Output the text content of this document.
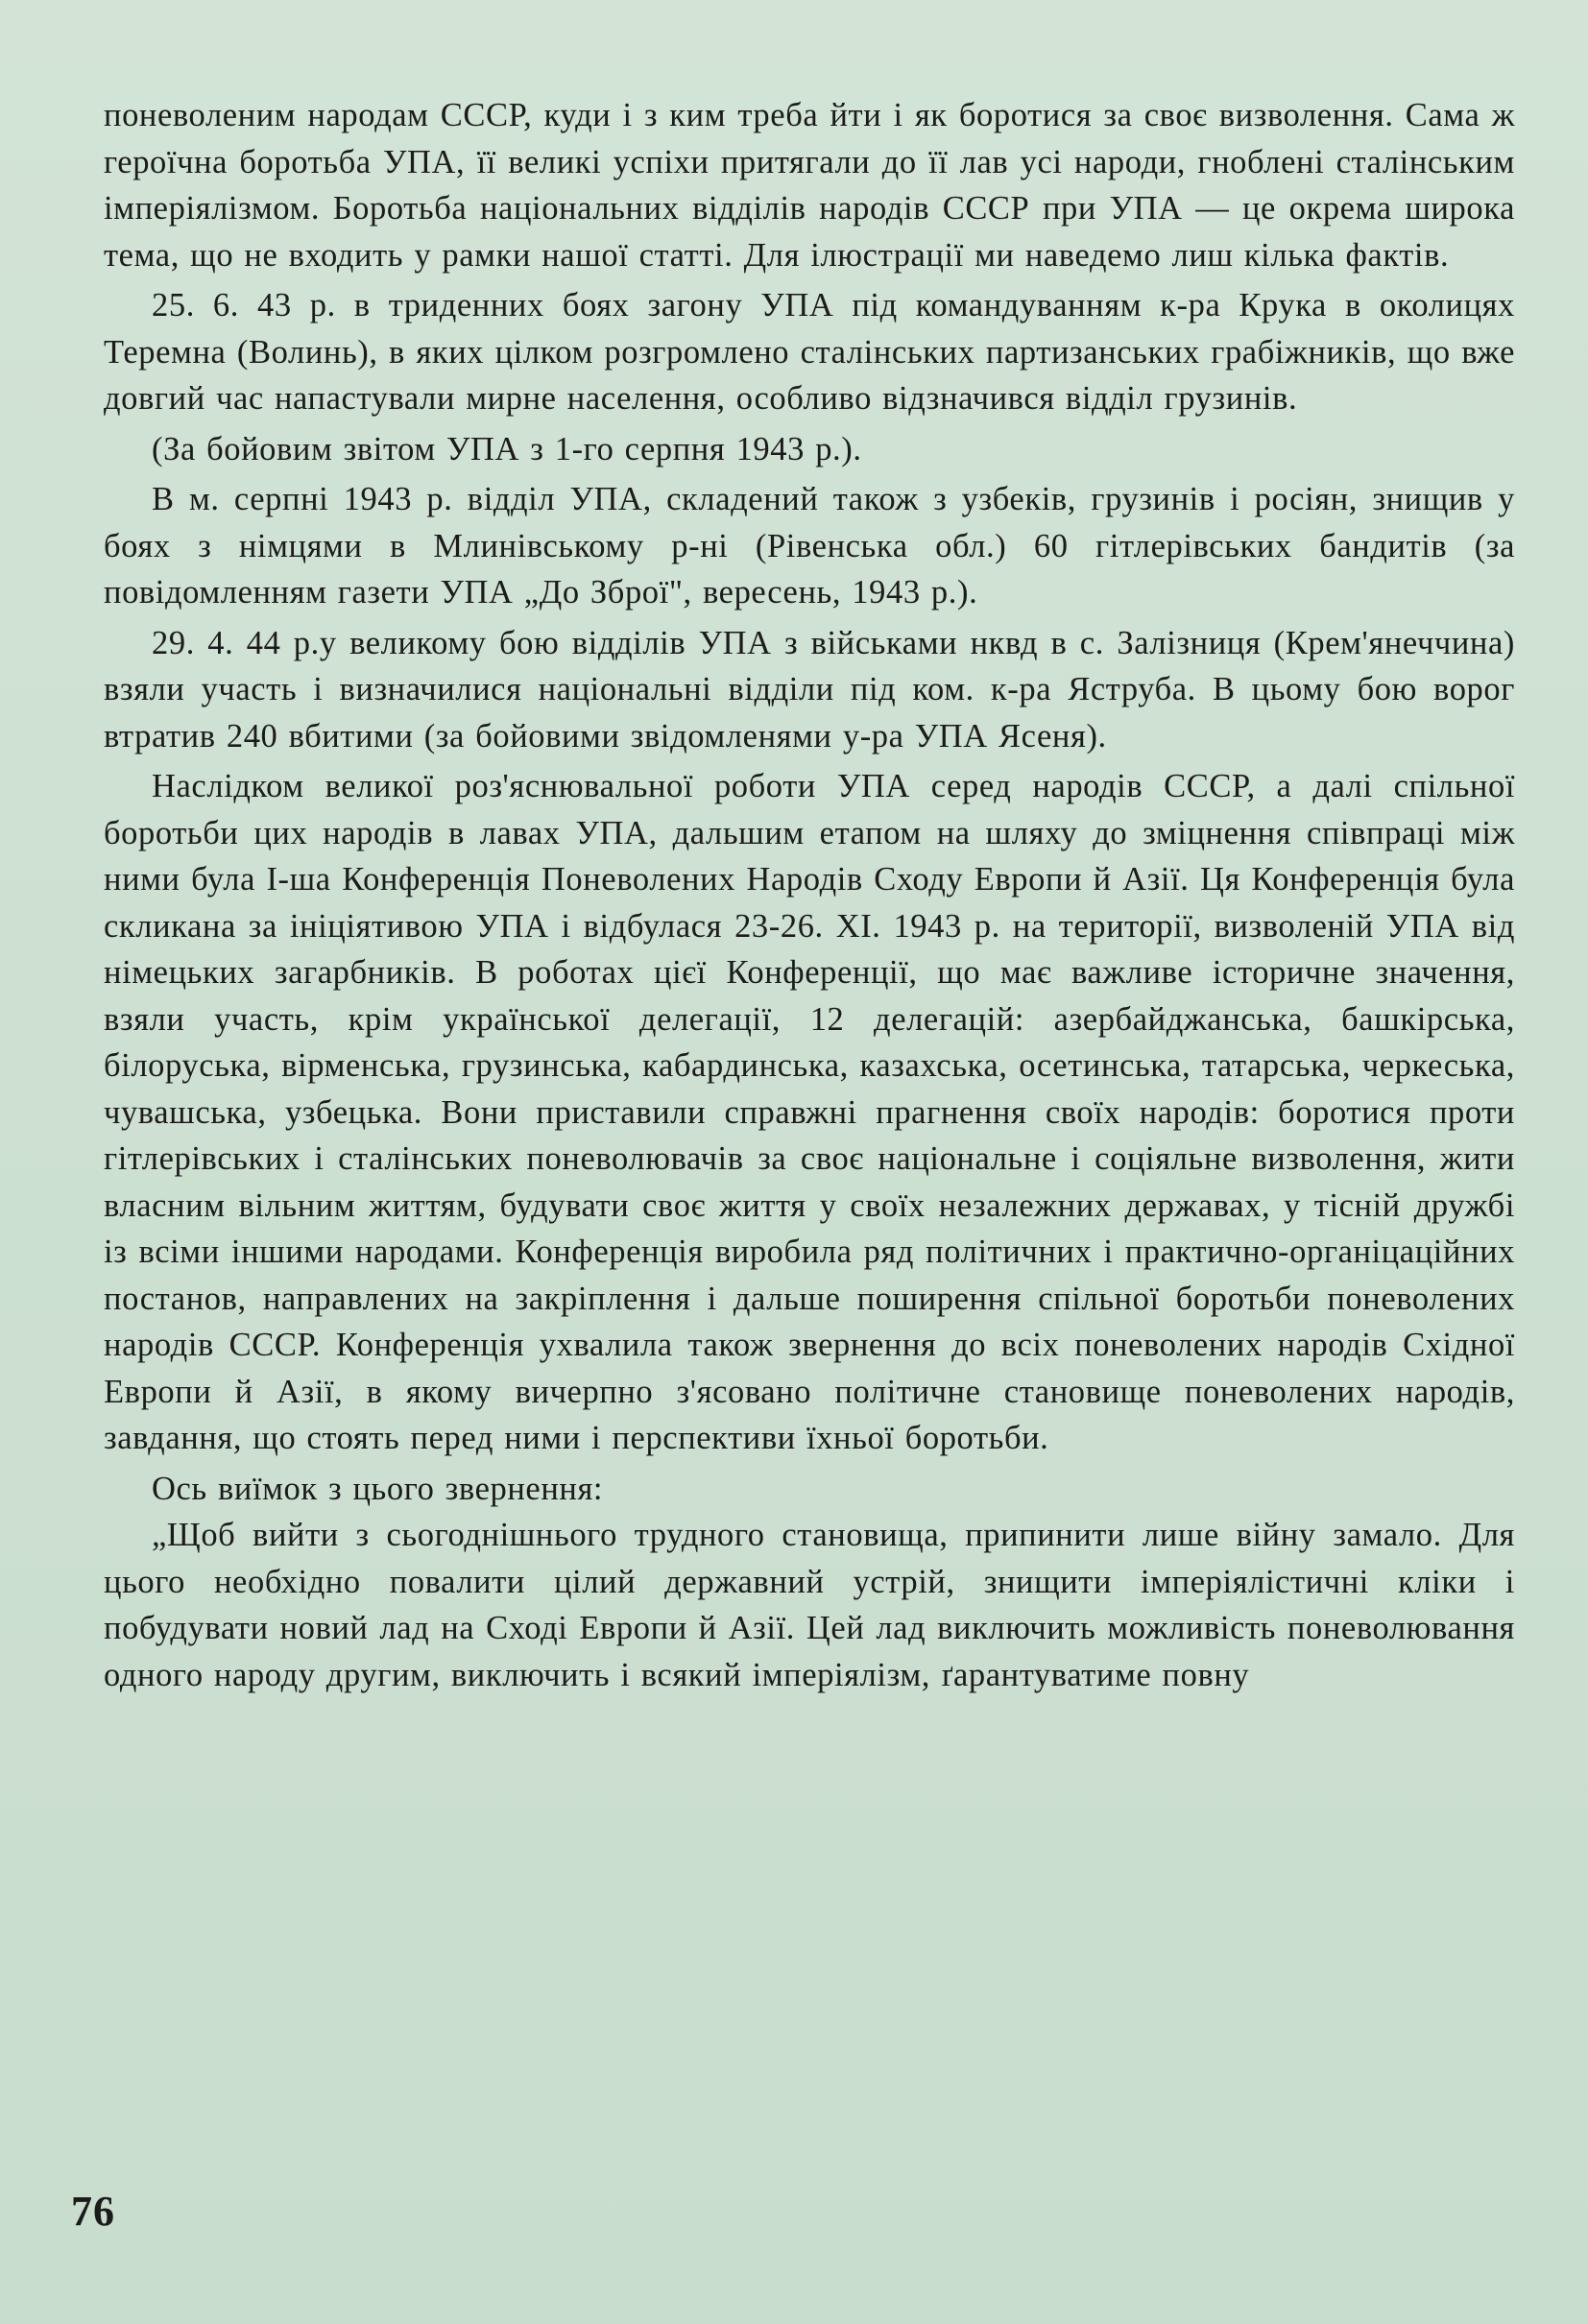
поневоленим народам СССР, куди і з ким треба йти і як боротися за своє визволення. Сама ж героїчна боротьба УПА, її великі успіхи притягали до її лав усі народи, гноблені сталінським імперіялізмом. Боротьба національних відділів народів СССР при УПА — це окрема широка тема, що не входить у рамки нашої статті. Для ілюстрації ми наведемо лиш кілька фактів.

25. 6. 43 р. в триденних боях загону УПА під командуванням к-ра Крука в околицях Теремна (Волинь), в яких цілком розгромлено сталінських партизанських грабіжників, що вже довгий час напастували мирне населення, особливо відзначився відділ грузинів.

(За бойовим звітом УПА з 1-го серпня 1943 р.).

В м. серпні 1943 р. відділ УПА, складений також з узбеків, грузинів і росіян, знищив у боях з німцями в Млинівському р-ні (Рівенська обл.) 60 гітлерівських бандитів (за повідомленням газети УПА „До Зброї", вересень, 1943 р.).

29. 4. 44 р.у великому бою відділів УПА з військами нквд в с. Залізниця (Крем'янеччина) взяли участь і визначилися національні відділи під ком. к-ра Яструба. В цьому бою ворог втратив 240 вбитими (за бойовими звідомленями у-ра УПА Ясеня).

Наслідком великої роз'яснювальної роботи УПА серед народів СССР, а далі спільної боротьби цих народів в лавах УПА, дальшим етапом на шляху до зміцнення співпраці між ними була І-ша Конференція Поневолених Народів Сходу Европи й Азії. Ця Конференція була скликана за ініціятивою УПА і відбулася 23-26. XI. 1943 р. на території, визволеній УПА від німецьких загарбників. В роботах цієї Конференції, що має важливе історичне значення, взяли участь, крім української делегації, 12 делегацій: азербайджанська, башкірська, білоруська, вірменська, грузинська, кабардинська, казахська, осетинська, татарська, черкеська, чувашська, узбецька. Вони приставили справжні прагнення своїх народів: боротися проти гітлерівських і сталінських поневолювачів за своє національне і соціяльне визволення, жити власним вільним життям, будувати своє життя у своїх незалежних державах, у тісній дружбі із всіми іншими народами. Конференція виробила ряд політичних і практично-органіцаційних постанов, направлених на закріплення і дальше поширення спільної боротьби поневолених народів СССР. Конференція ухвалила також звернення до всіх поневолених народів Східної Европи й Азії, в якому вичерпно з'ясовано політичне становище поневолених народів, завдання, що стоять перед ними і перспективи їхньої боротьби.

Ось виїмок з цього звернення:

„Щоб вийти з сьогоднішнього трудного становища, припинити лише війну замало. Для цього необхідно повалити цілий державний устрій, знищити імперіялістичні кліки і побудувати новий лад на Сході Европи й Азії. Цей лад виключить можливість поневолювання одного народу другим, виключить і всякий імперіялізм, ґарантуватиме повну

76
